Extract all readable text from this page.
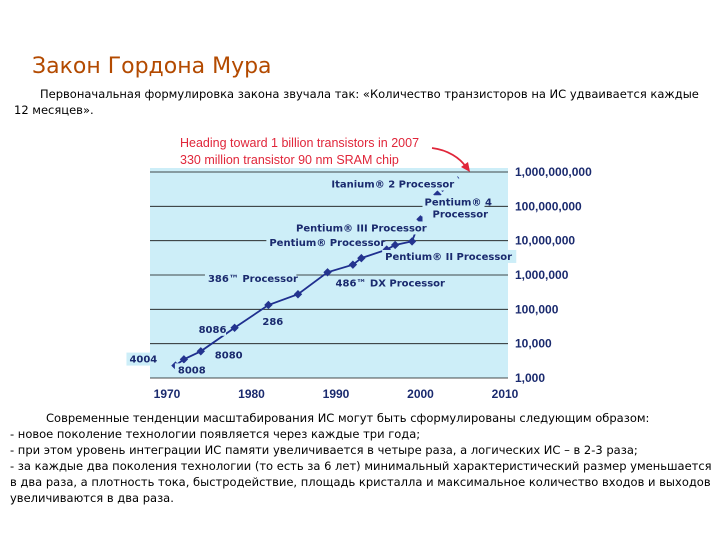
Закон Гордона Мура
Первоначальная формулировка закона звучала так: «Количество транзисторов на ИС удваивается каждые 12 месяцев».
4004
8008
8080
8086
286
386™ Processor	486™ DX Processor
Pentium® Processor
Pentium® II Processor
Pentium® III Processor
Pentium® 4 Processor
Itanium® 2 Processor
1,000,000,000
100,000,000
10,000,000
1,000,000
100,000
10,000
1,000
1970	1980	1990	2000	2010
Heading toward 1 billion transistors in 2007
330 million transistor 90 nm SRAM chip

Современные тенденции масштабирования ИС могут быть сформулированы следующим образом:

- новое поколение технологии появляется через каждые три года;

- при этом уровень интеграции ИС памяти увеличивается в четыре раза, а логических ИС – в 2-3 раза;

- за каждые два поколения технологии (то есть за 6 лет) минимальный характеристический размер уменьшается в два раза, а плотность тока, быстродействие, площадь кристалла и максимальное количество входов и выходов увеличиваются в два раза.
